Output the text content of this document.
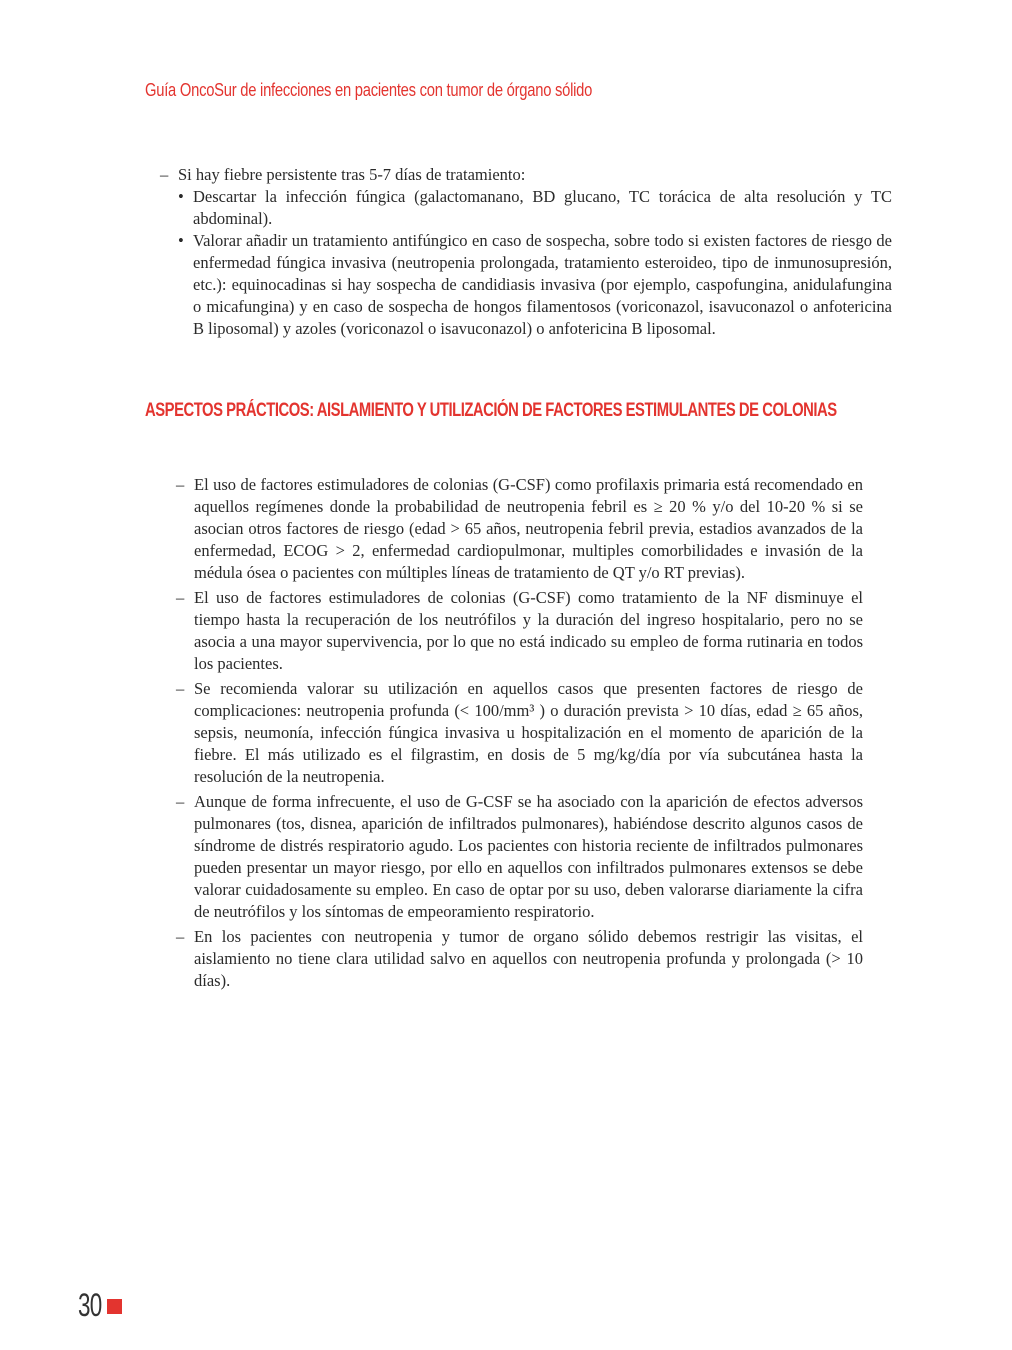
Guía OncoSur de infecciones en pacientes con tumor de órgano sólido
– Si hay fiebre persistente tras 5-7 días de tratamiento:
• Descartar la infección fúngica (galactomanano, BD glucano, TC torácica de alta resolución y TC abdominal).
• Valorar añadir un tratamiento antifúngico en caso de sospecha, sobre todo si existen factores de riesgo de enfermedad fúngica invasiva (neutropenia prolongada, tratamiento esteroideo, tipo de inmunosupresión, etc.): equinocadinas si hay sospecha de candidiasis invasiva (por ejemplo, caspofungina, anidulafungina o micafungina) y en caso de sospecha de hongos filamentosos (voriconazol, isavuconazol o anfotericina B liposomal) y azoles (voriconazol o isavuconazol) o anfotericina B liposomal.
ASPECTOS PRÁCTICOS: AISLAMIENTO Y UTILIZACIÓN DE FACTORES ESTIMULANTES DE COLONIAS
– El uso de factores estimuladores de colonias (G-CSF) como profilaxis primaria está recomendado en aquellos regímenes donde la probabilidad de neutropenia febril es ≥ 20 % y/o del 10-20 % si se asocian otros factores de riesgo (edad > 65 años, neutropenia febril previa, estadios avanzados de la enfermedad, ECOG > 2, enfermedad cardiopulmonar, multiples comorbilidades e invasión de la médula ósea o pacientes con múltiples líneas de tratamiento de QT y/o RT previas).
– El uso de factores estimuladores de colonias (G-CSF) como tratamiento de la NF disminuye el tiempo hasta la recuperación de los neutrófilos y la duración del ingreso hospitalario, pero no se asocia a una mayor supervivencia, por lo que no está indicado su empleo de forma rutinaria en todos los pacientes.
– Se recomienda valorar su utilización en aquellos casos que presenten factores de riesgo de complicaciones: neutropenia profunda (< 100/mm³ ) o duración prevista > 10 días, edad ≥ 65 años, sepsis, neumonía, infección fúngica invasiva u hospitalización en el momento de aparición de la fiebre. El más utilizado es el filgrastim, en dosis de 5 mg/kg/día por vía subcutánea hasta la resolución de la neutropenia.
– Aunque de forma infrecuente, el uso de G-CSF se ha asociado con la aparición de efectos adversos pulmonares (tos, disnea, aparición de infiltrados pulmonares), habiéndose descrito algunos casos de síndrome de distrés respiratorio agudo. Los pacientes con historia reciente de infiltrados pulmonares pueden presentar un mayor riesgo, por ello en aquellos con infiltrados pulmonares extensos se debe valorar cuidadosamente su empleo. En caso de optar por su uso, deben valorarse diariamente la cifra de neutrófilos y los síntomas de empeoramiento respiratorio.
– En los pacientes con neutropenia y tumor de organo sólido debemos restrigir las visitas, el aislamiento no tiene clara utilidad salvo en aquellos con neutropenia profunda y prolongada (> 10 días).
30
